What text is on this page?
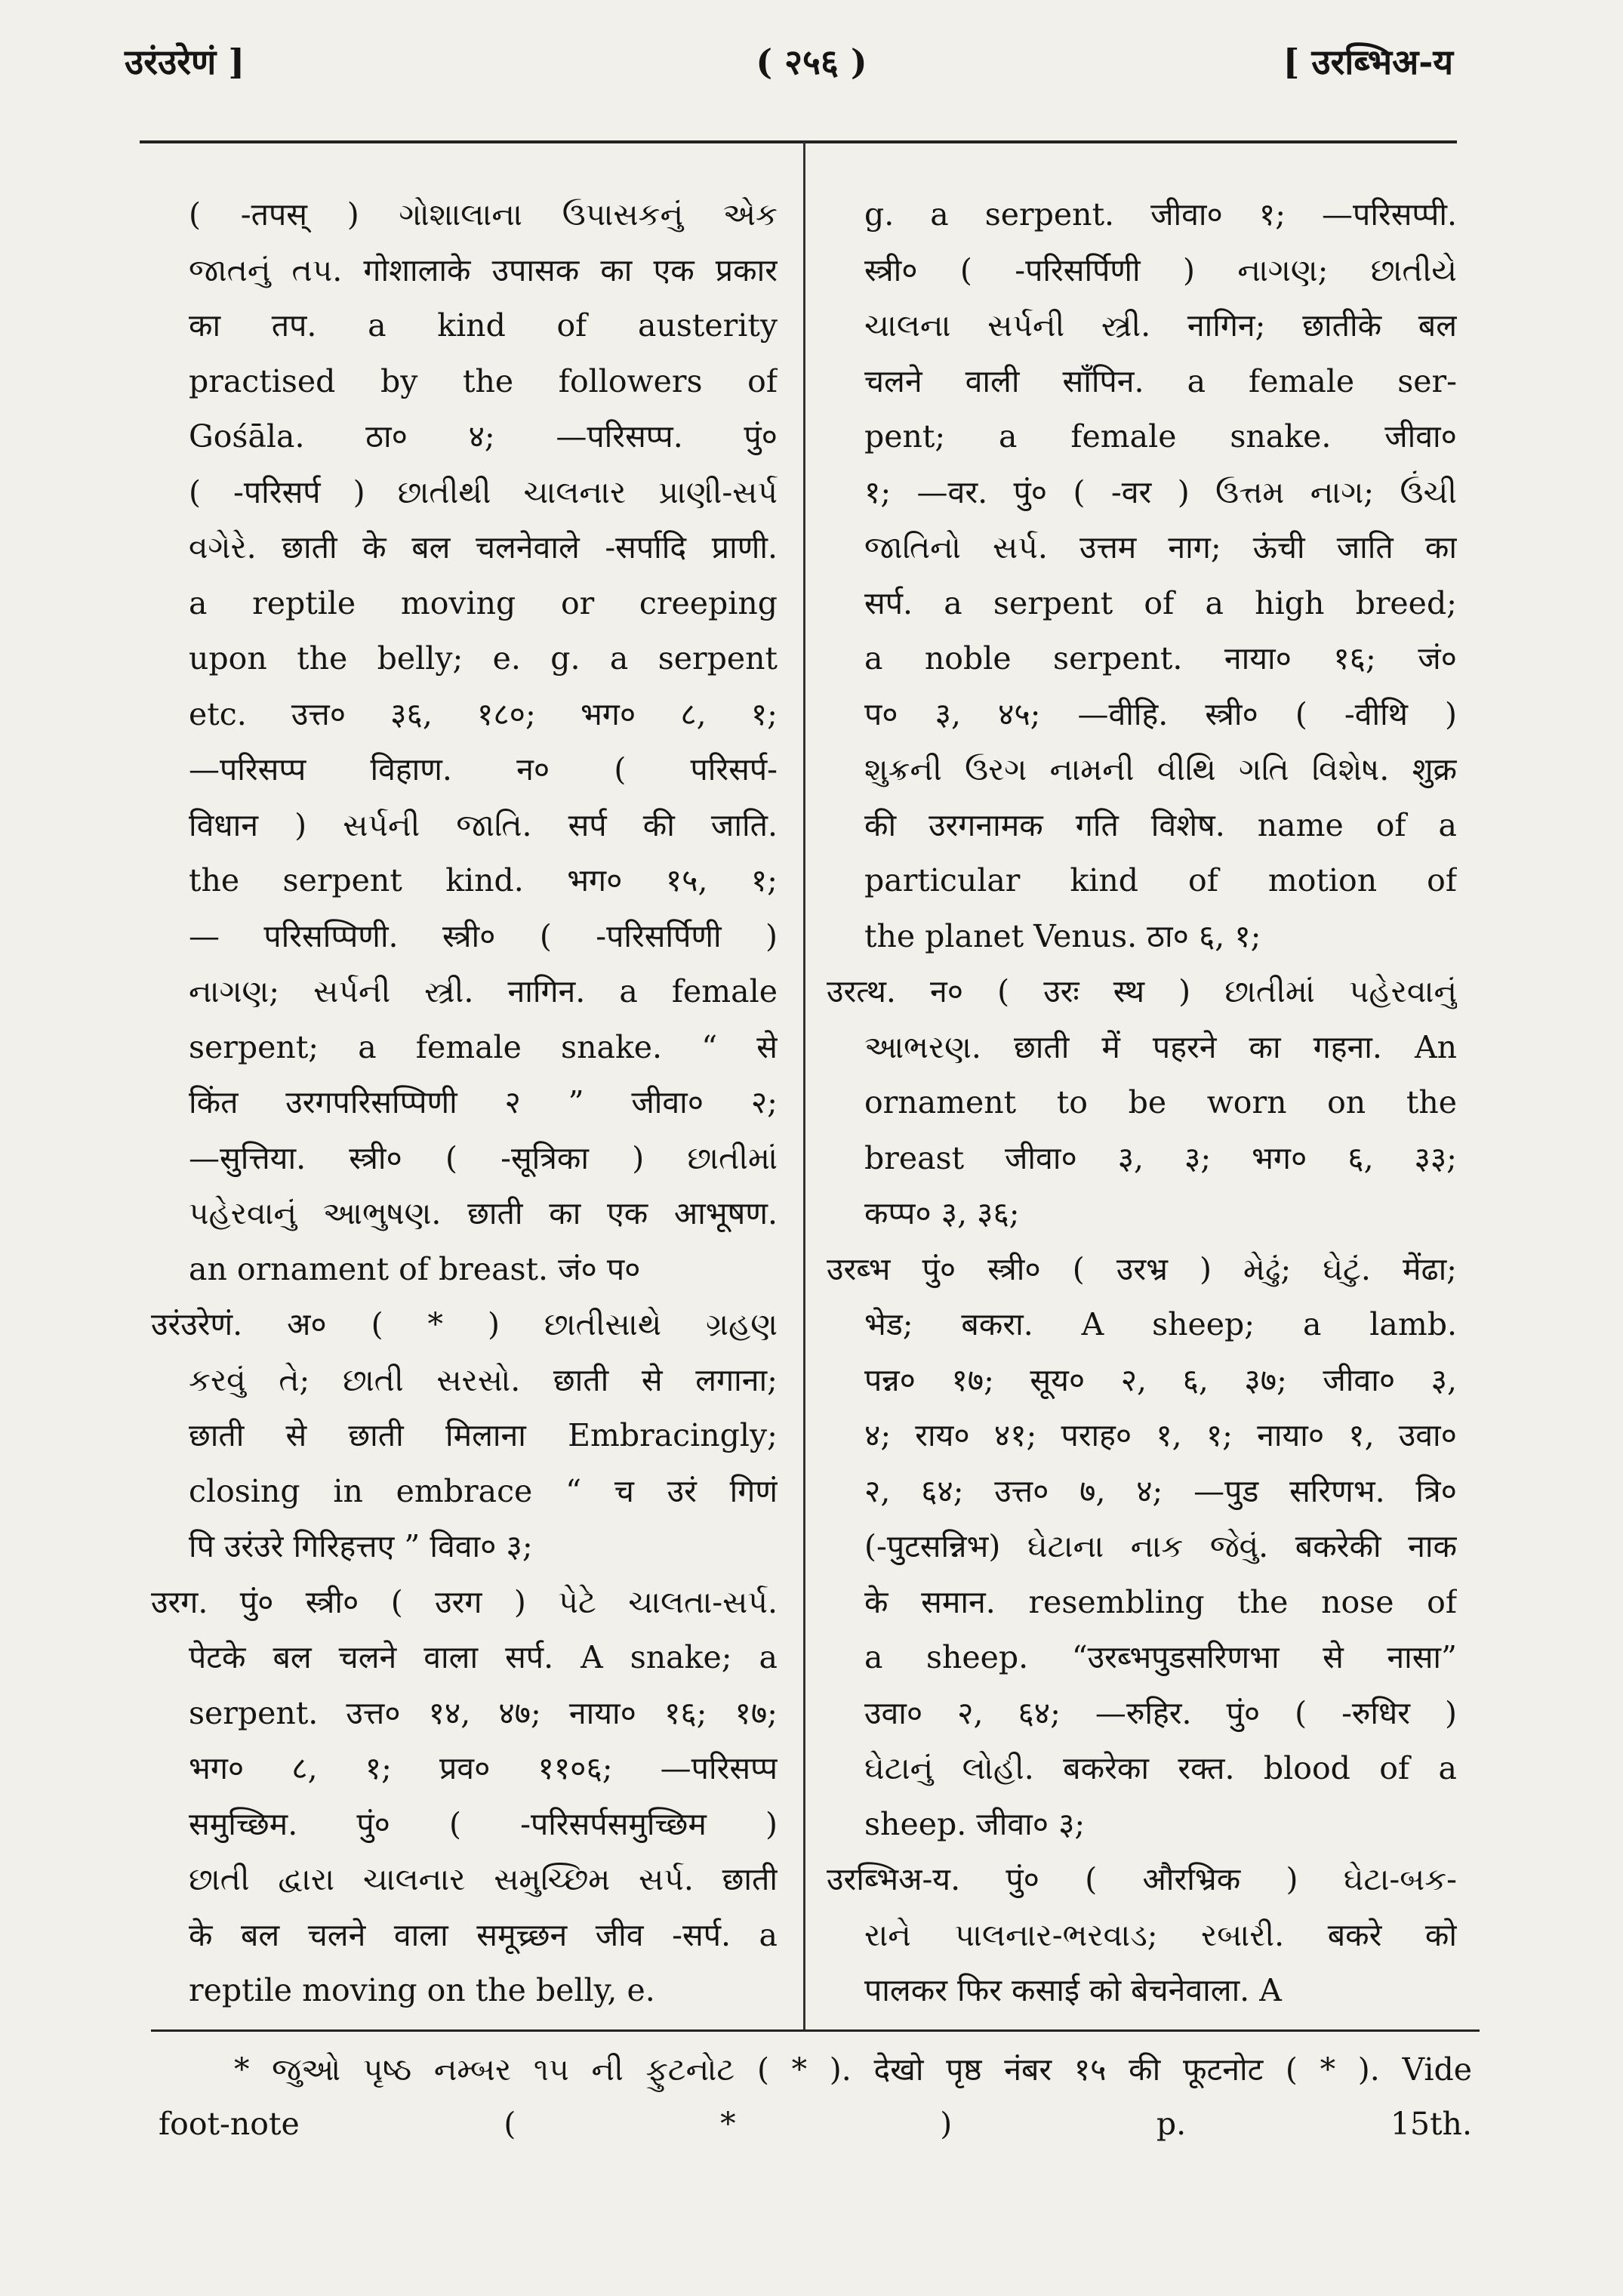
उरंउरेणं ]	( २५६ )	[ उरब्भिअ-य
( -तपस् ) ગોશાલાના ઉપાસકનું એક
જાતનું તપ. गोशालाके उपासक का एक प्रकार
का तप. a kind of austerity
practised by the followers of
Gośāla. ठा० ४; —परिसप्प. पुं०
( -परिसर्प ) છાતીથી ચાલનાર પ્રાણી-સર્પ
વગેરે. छाती के बल चलनेवाले -सर्पादि प्राणी.
a reptile moving or creeping
upon the belly; e. g. a serpent
etc. उत्त० ३६, १८०; भग० ८, १;
—परिसप्प विहाण. न० ( परिसर्प-
विधान ) સર્પની જાતિ. सर्प की जाति.
the serpent kind. भग० १५, १;
— परिसप्पिणी. स्त्री० ( -परिसर्पिणी )
નાગણ; સર્પની સ્ત્રી. नागिन. a female
serpent; a female snake. “ से
किंत उरगपरिसप्पिणी २ ” जीवा० २;
—सुत्तिया. स्त्री० ( -सूत्रिका ) છાતીમાં
પહેરવાનું આભુષણ. छाती का एक आभूषण.
an ornament of breast. जं० प०
उरंउरेणं. अ० ( * ) છાતીસાથે ગ્રહણ
કરવું તે; છાતી સરસો. छाती से लगाना;
छाती से छाती मिलाना Embracingly;
closing in embrace “ च उरं गिणं
पि उरंउरे गिरिहत्तए ” विवा० ३;
उरग. पुं० स्त्री० ( उरग ) પેટે ચાલતા-સર્પ.
पेटके बल चलने वाला सर्प. A snake; a
serpent. उत्त० १४, ४७; नाया० १६; १७;
भग० ८, १; प्रव० ११०६; —परिसप्प
समुच्छिम. पुं० ( -परिसर्पसमुच्छिम )
છાતી દ્વારા ચાલનાર સમુચ્છિમ સર્પ. छाती
के बल चलने वाला समूच्र्छन जीव -सर्प. a
reptile moving on the belly, e.
g. a serpent. जीवा० १; —परिसप्पी.
स्त्री० ( -परिसर्पिणी ) નાગણ; છાતીયે
ચાલના સર્પની સ્ત્રી. नागिन; छातीके बल
चलने वाली साँपिन. a female ser-
pent; a female snake. जीवा०
१; —वर. पुं० ( -वर ) ઉત્તમ નાગ; ઉંચી
જાતિનો સર્પ. उत्तम नाग; ऊंची जाति का
सर्प. a serpent of a high breed;
a noble serpent. नाया० १६; जं०
प० ३, ४५; —वीहि. स्त्री० ( -वीथि )
શુક્રની ઉરગ નામની વીથિ ગતિ વિશેષ. शुक्र
की उरगनामक गति विशेष. name of a
particular kind of motion of
the planet Venus. ठा० ६, १;
उरत्थ. न० ( उरः स्थ ) છાતીમાં પહેરવાનું
આભરણ. छाती में पहरने का गहना. An
ornament to be worn on the
breast जीवा० ३, ३; भग० ६, ३३;
कप्प० ३, ३६;
उरब्भ पुं० स्त्री० ( उरभ्र ) મેઢું; ઘેટું. मेंढा;
भेड; बकरा. A sheep; a lamb.
पन्न० १७; सूय० २, ६, ३७; जीवा० ३,
४; राय० ४१; पराह० १, १; नाया० १, उवा०
२, ६४; उत्त० ७, ४; —पुड सरिणभ. त्रि०
(-पुटसन्निभ) ઘેટાના નાક જેવું. बकरेकी नाक
के समान. resembling the nose of
a sheep. “उरब्भपुडसरिणभा से नासा”
उवा० २, ६४; —रुहिर. पुं० ( -रुधिर )
ઘેટાનું લોહી. बकरेका रक्त. blood of a
sheep. जीवा० ३;
उरब्भिअ-य. पुं० ( औरभ्रिक ) ઘેટા-બક-
રાને પાલનાર-ભરવાડ; રબારી. बकरे को
पालकर फिर कसाई को बेचनेवाला. A
* જુઓ પૃષ્ઠ નમ્બર ૧૫ ની ફુટનોટ ( * ). देखो पृष्ठ नंबर १५ की फूटनोट ( * ). Vide
foot-note ( * ) p. 15th.
